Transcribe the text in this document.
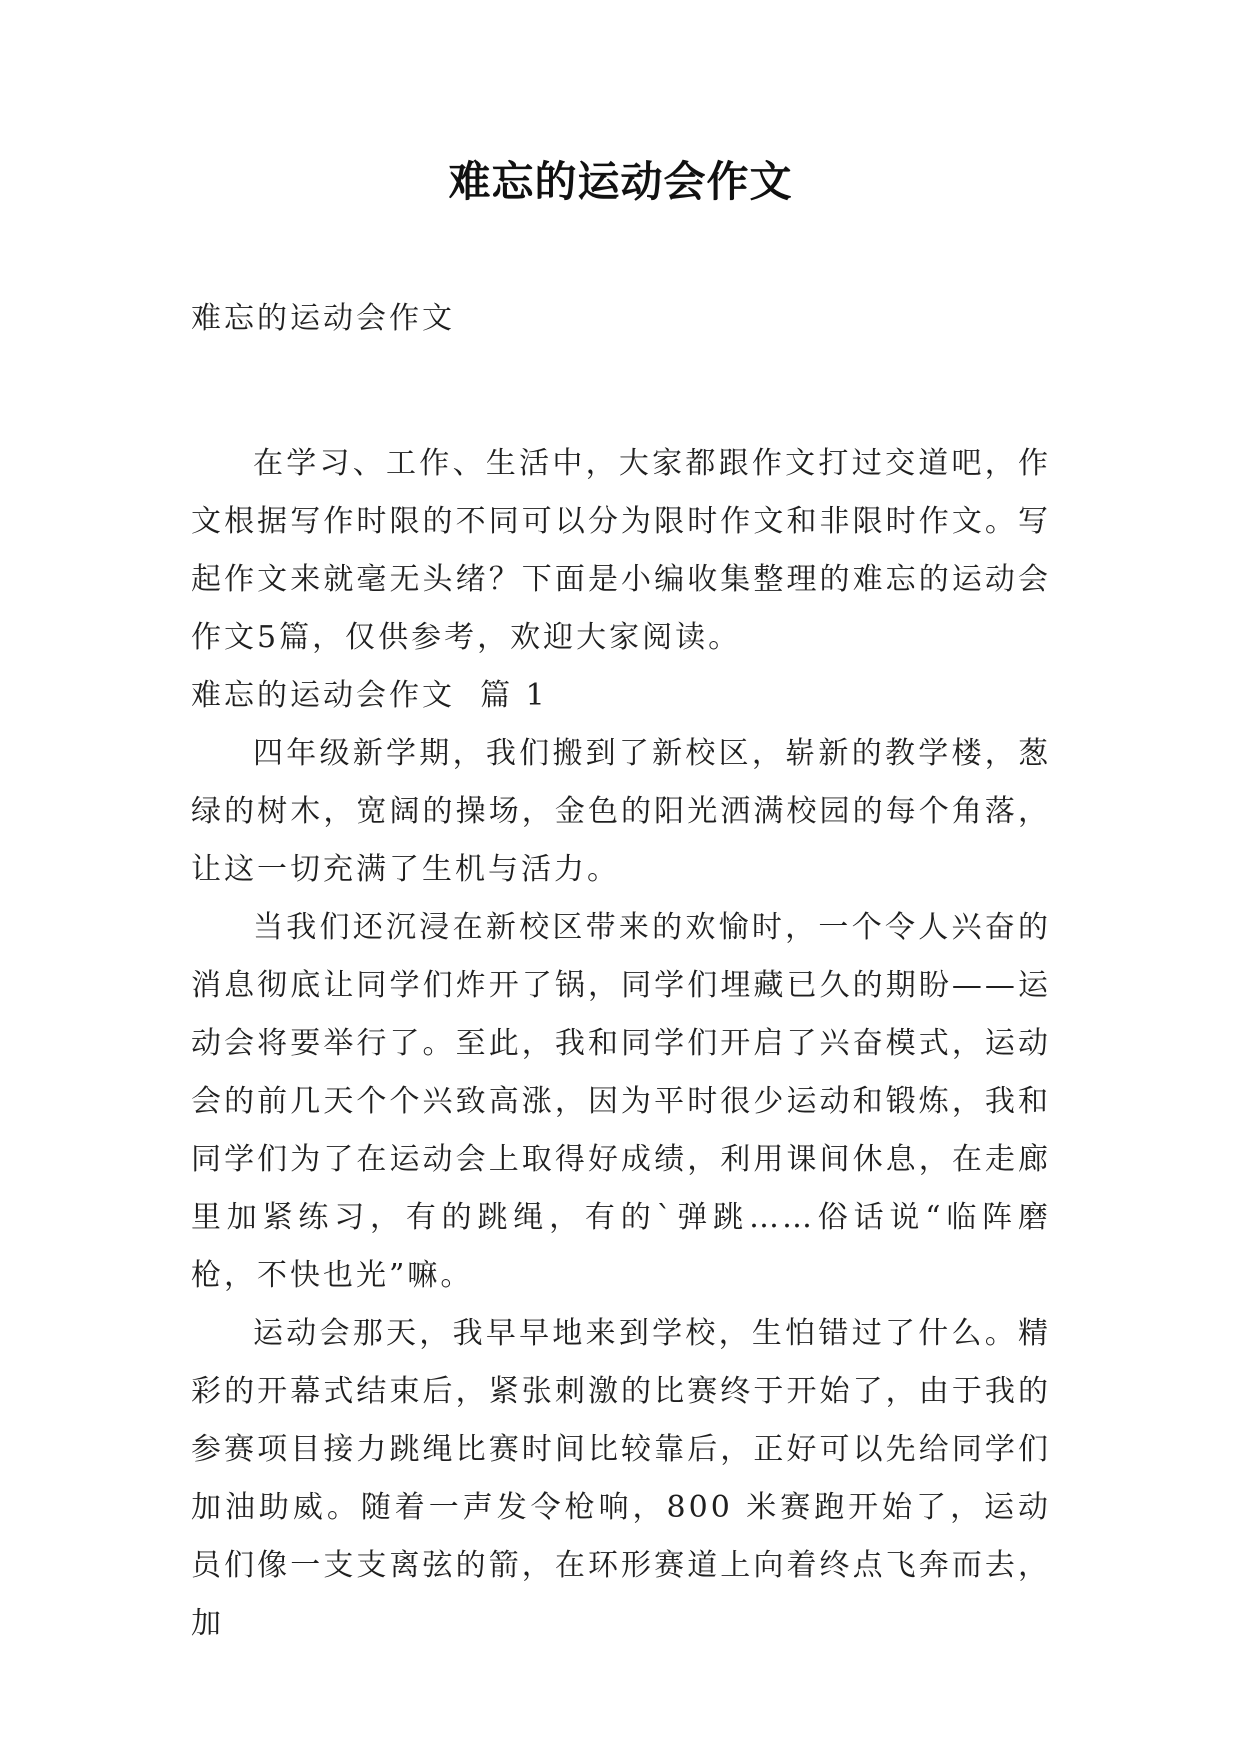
难忘的运动会作文

难忘的运动会作文

在学习、工作、生活中，大家都跟作文打过交道吧，作文根据写作时限的不同可以分为限时作文和非限时作文。写起作文来就毫无头绪？下面是小编收集整理的难忘的运动会作文5篇，仅供参考，欢迎大家阅读。

难忘的运动会作文  篇 1

四年级新学期，我们搬到了新校区，崭新的教学楼，葱绿的树木，宽阔的操场，金色的阳光洒满校园的每个角落，让这一切充满了生机与活力。

当我们还沉浸在新校区带来的欢愉时，一个令人兴奋的消息彻底让同学们炸开了锅，同学们埋藏已久的期盼——运动会将要举行了。至此，我和同学们开启了兴奋模式，运动会的前几天个个兴致高涨，因为平时很少运动和锻炼，我和同学们为了在运动会上取得好成绩，利用课间休息，在走廊里加紧练习，有的跳绳，有的`弹跳……俗话说“临阵磨枪，不快也光”嘛。

运动会那天，我早早地来到学校，生怕错过了什么。精彩的开幕式结束后，紧张刺激的比赛终于开始了，由于我的参赛项目接力跳绳比赛时间比较靠后，正好可以先给同学们加油助威。随着一声发令枪响，800 米赛跑开始了，运动员们像一支支离弦的箭，在环形赛道上向着终点飞奔而去，加
